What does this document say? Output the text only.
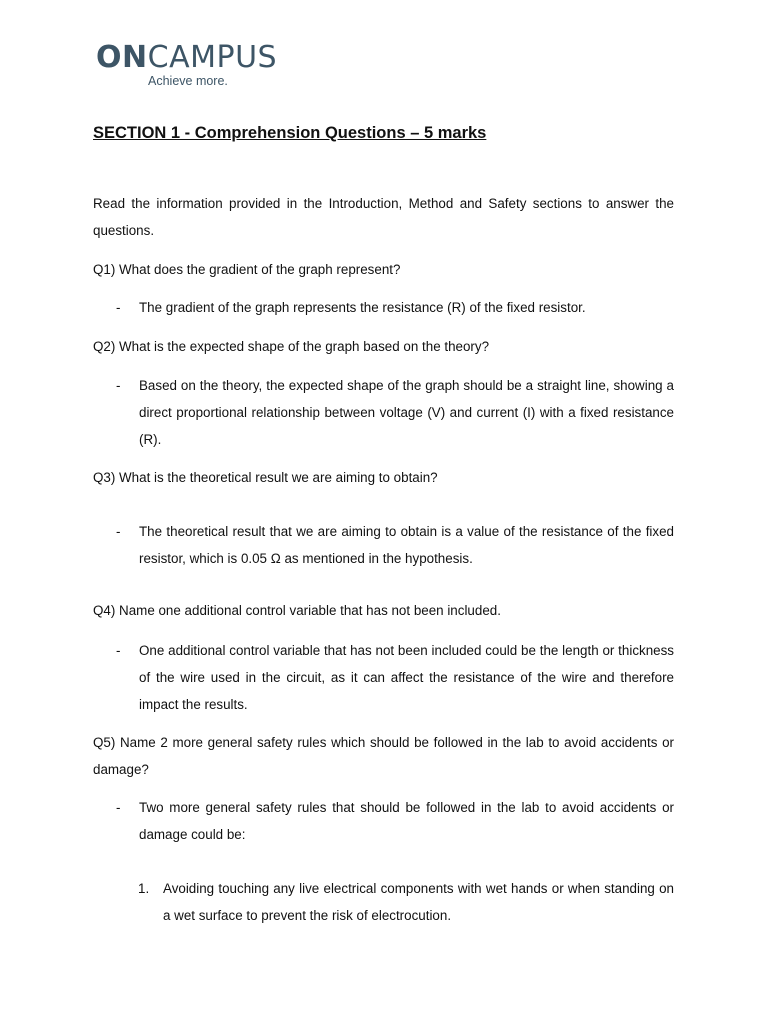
ONCAMPUS
Achieve more.
SECTION 1 - Comprehension Questions – 5 marks

Read the information provided in the Introduction, Method and Safety sections to answer the questions.

Q1) What does the gradient of the graph represent?

- The gradient of the graph represents the resistance (R) of the fixed resistor.

Q2) What is the expected shape of the graph based on the theory?

- Based on the theory, the expected shape of the graph should be a straight line, showing a direct proportional relationship between voltage (V) and current (I) with a fixed resistance (R).

Q3) What is the theoretical result we are aiming to obtain?

- The theoretical result that we are aiming to obtain is a value of the resistance of the fixed resistor, which is 0.05 Ω as mentioned in the hypothesis.

Q4) Name one additional control variable that has not been included.

- One additional control variable that has not been included could be the length or thickness of the wire used in the circuit, as it can affect the resistance of the wire and therefore impact the results.

Q5) Name 2 more general safety rules which should be followed in the lab to avoid accidents or damage?

- Two more general safety rules that should be followed in the lab to avoid accidents or damage could be:

1. Avoiding touching any live electrical components with wet hands or when standing on a wet surface to prevent the risk of electrocution.
